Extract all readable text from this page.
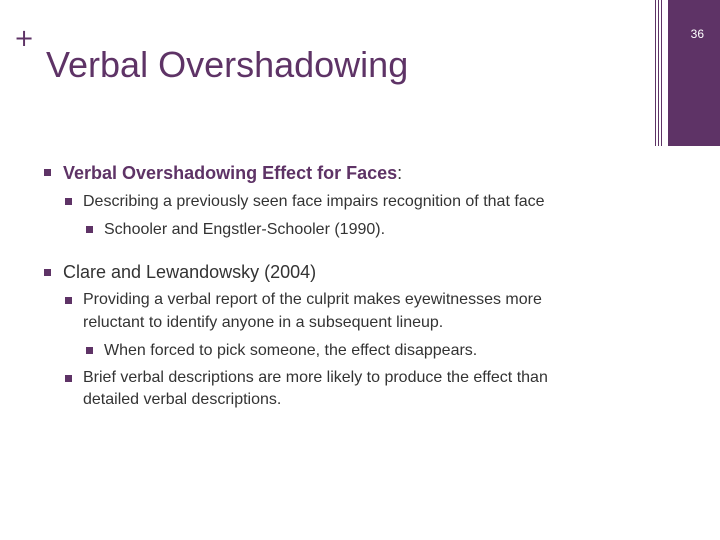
+
Verbal Overshadowing
36
Verbal Overshadowing Effect for Faces:
Describing a previously seen face impairs recognition of that face
Schooler and Engstler-Schooler (1990).
Clare and Lewandowsky (2004)
Providing a verbal report of the culprit makes eyewitnesses more
reluctant to identify anyone in a subsequent lineup.
When forced to pick someone, the effect disappears.
Brief verbal descriptions are more likely to produce the effect than
detailed verbal descriptions.
